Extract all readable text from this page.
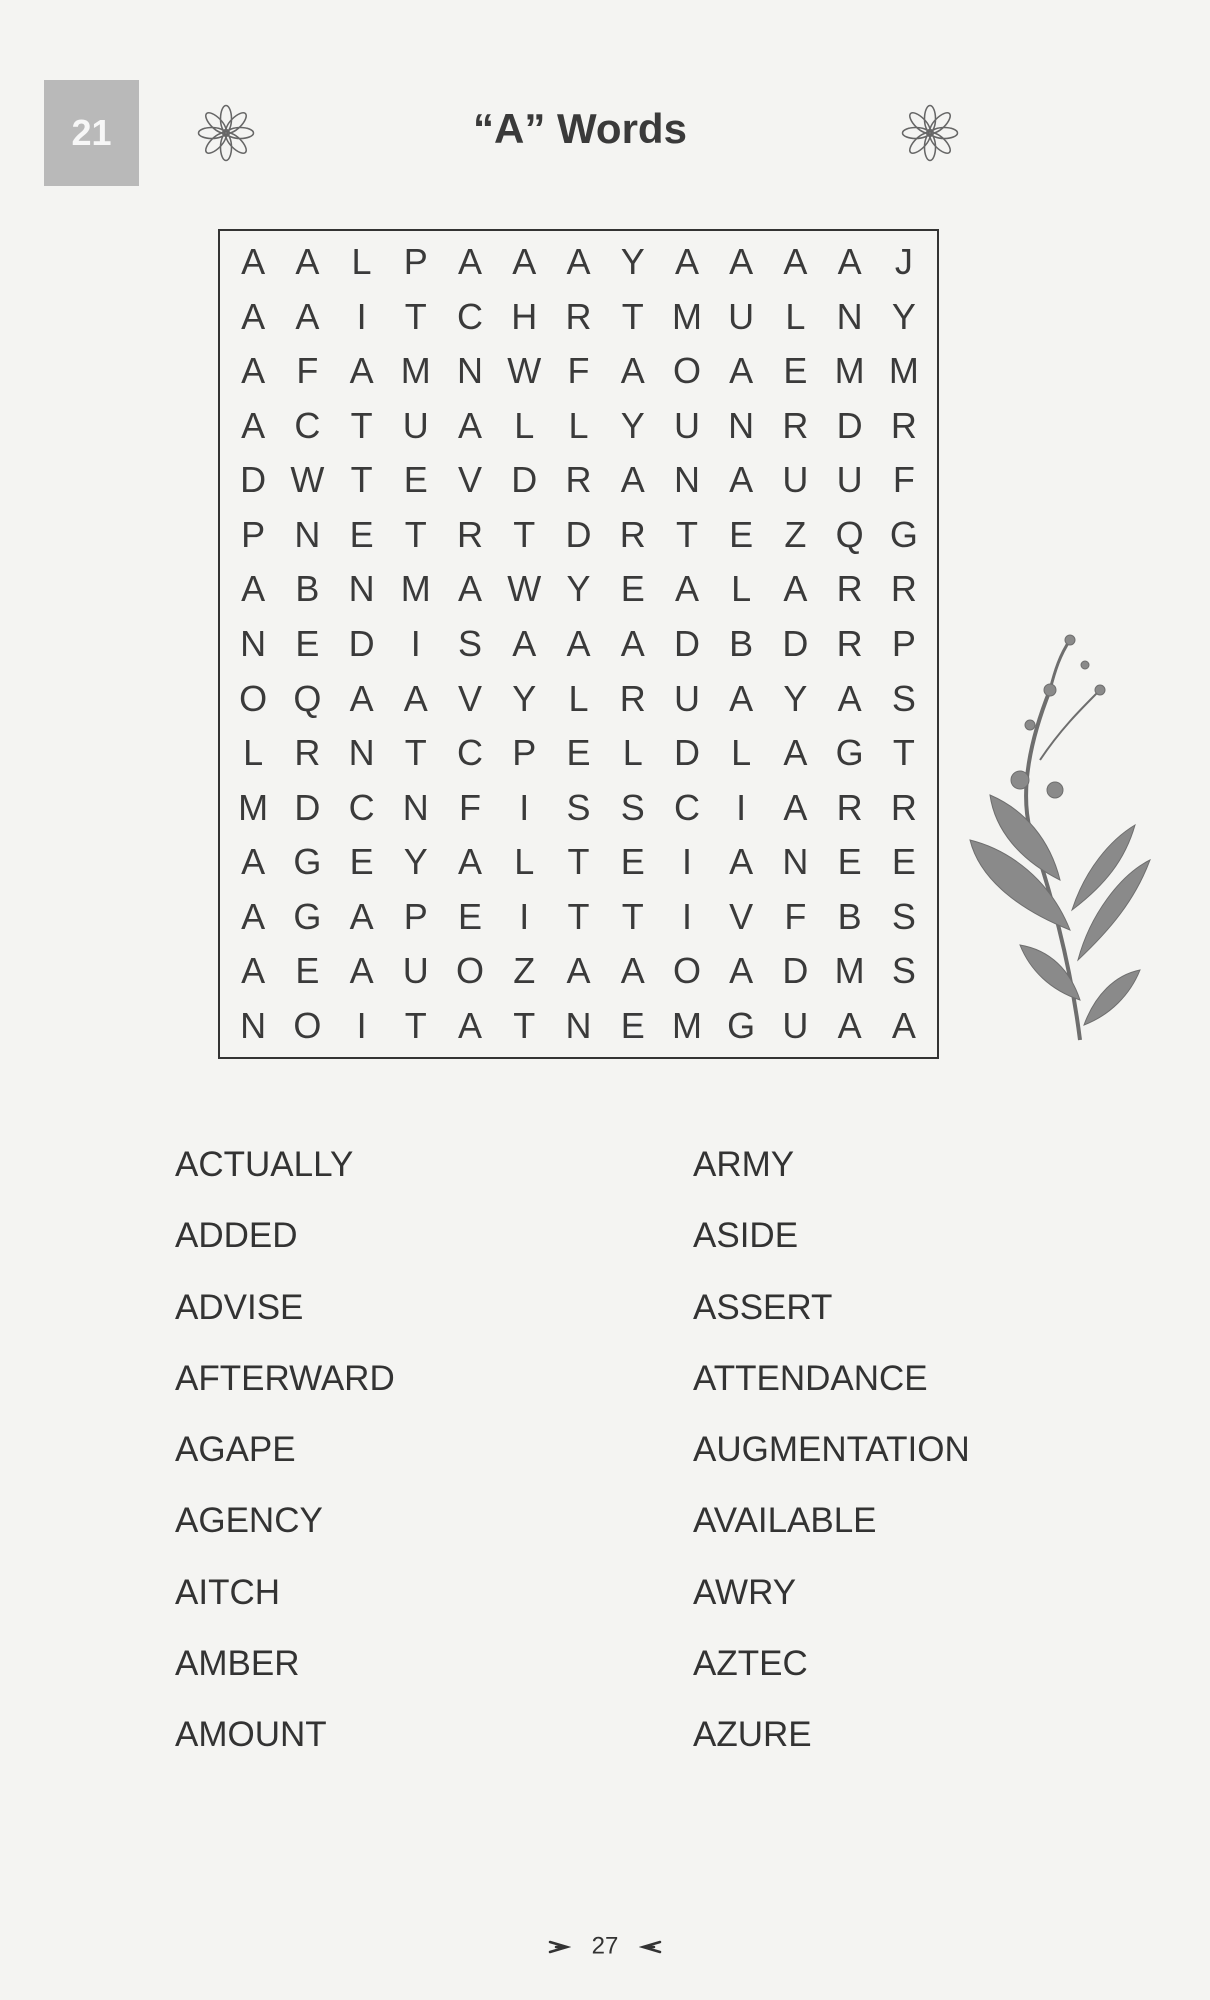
21	“A” Words
A A L P A A A Y A A A A J
A A	I	T C H R T M U L N Y
A F A M N W F A O A E M M
A C T U A L L Y U N R D R
D W T E V D R A N A U U F
P N E T R T D R T E Z Q G
A B N M A W Y E A L A R R
N E D	I	S A A A D B D R P
O Q A A V Y L R U A Y A S
L R N T C P E L D L A G T
M D C N F	I	S S C	I	A R R
A G E Y A L T E	I	A N E E
A G A P E	I	T T	I	V F B S
A E A U O Z A A O A D M S
N O I	T A T N E M G U A A
ACTUALLY
ADDED
ADVISE
AFTERWARD
AGAPE
AGENCY
AITCH
AMBER
AMOUNT
ARMY
ASIDE
ASSERT
ATTENDANCE
AUGMENTATION
AVAILABLE
AWRY
AZTEC
AZURE
27
